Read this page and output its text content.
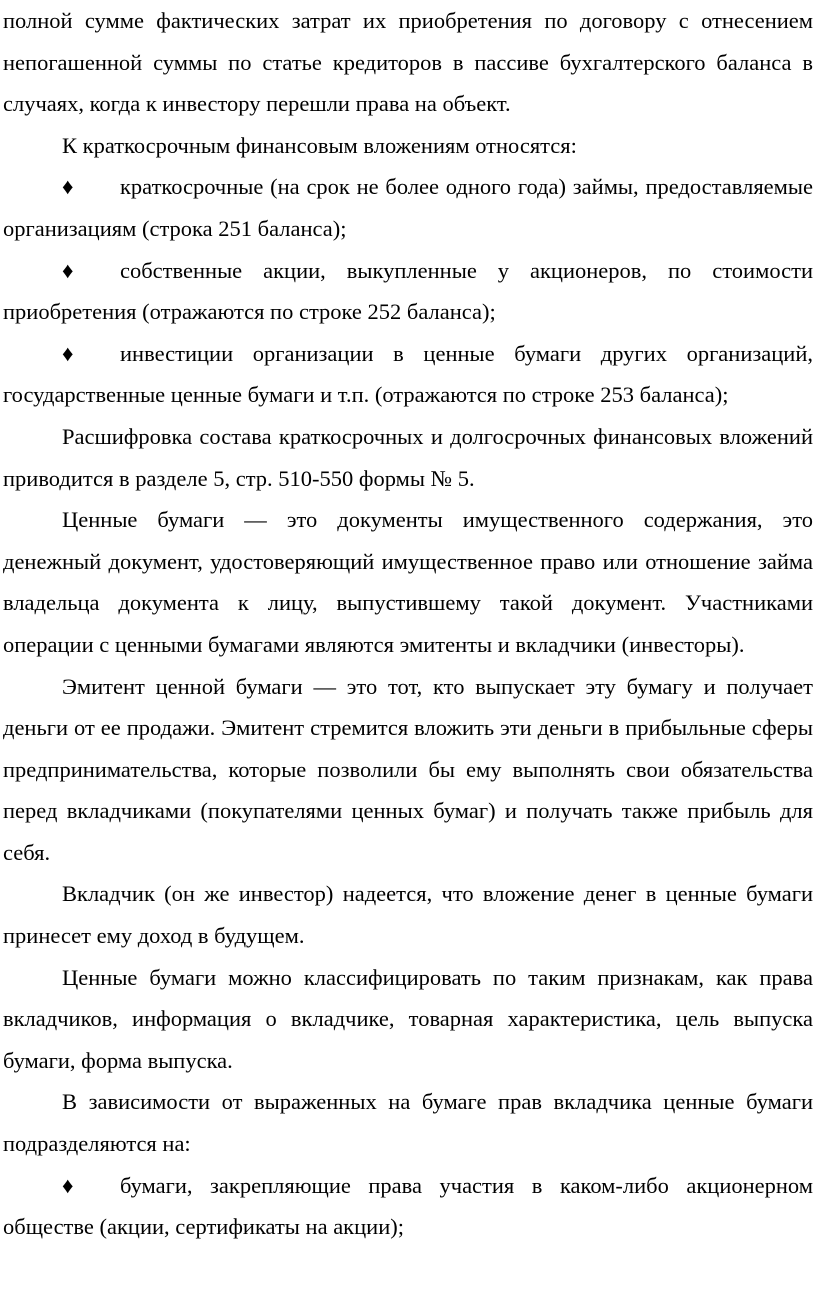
полной сумме фактических затрат их приобретения по договору с отнесением непогашенной суммы по статье кредиторов в пассиве бухгалтерского баланса в случаях, когда к инвестору перешли права на объект.

К краткосрочным финансовым вложениям относятся:

♦ краткосрочные (на срок не более одного года) займы, предоставляемые организациям (строка 251 баланса);

♦ собственные акции, выкупленные у акционеров, по стоимости приобретения (отражаются по строке 252 баланса);

♦ инвестиции организации в ценные бумаги других организаций, государственные ценные бумаги и т.п. (отражаются по строке 253 баланса);

Расшифровка состава краткосрочных и долгосрочных финансовых вложений приводится в разделе 5, стр. 510-550 формы № 5.

Ценные бумаги — это документы имущественного содержания, это денежный документ, удостоверяющий имущественное право или отношение займа владельца документа к лицу, выпустившему такой документ. Участниками операции с ценными бумагами являются эмитенты и вкладчики (инвесторы).

Эмитент ценной бумаги — это тот, кто выпускает эту бумагу и получает деньги от ее продажи. Эмитент стремится вложить эти деньги в прибыльные сферы предпринимательства, которые позволили бы ему выполнять свои обязательства перед вкладчиками (покупателями ценных бумаг) и получать также прибыль для себя.

Вкладчик (он же инвестор) надеется, что вложение денег в ценные бумаги принесет ему доход в будущем.

Ценные бумаги можно классифицировать по таким признакам, как права вкладчиков, информация о вкладчике, товарная характеристика, цель выпуска бумаги, форма выпуска.

В зависимости от выраженных на бумаге прав вкладчика ценные бумаги подразделяются на:

♦ бумаги, закрепляющие права участия в каком-либо акционерном обществе (акции, сертификаты на акции);
